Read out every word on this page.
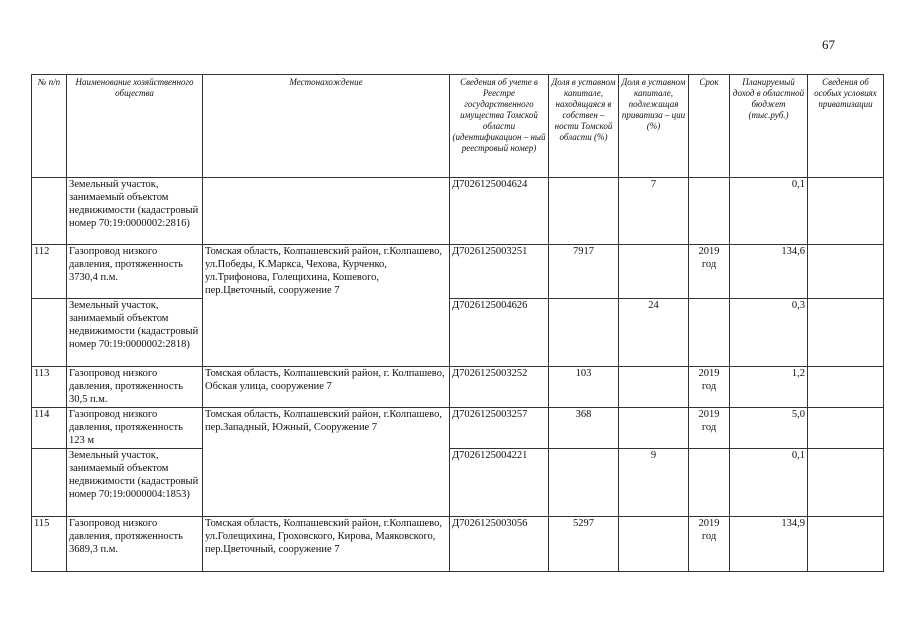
67
№ п/п	Наименование хозяйственного общества	Местонахождение	Сведения об учете в Реестре государственного имущества Томской области (идентификацион – ный реестровый номер)	Доля в уставном капитале, находящаяся в собствен – ности Томской области (%)	Доля в уставном капитале, подлежащая приватиза – ции (%)	Срок	Планируемый доход в областной бюджет (тыс.руб.)	Сведения об особых условиях приватизации
	Земельный участок, занимаемый объектом недвижимости (кадастровый номер 70:19:0000002:2816)		Д7026125004624		7		0,1	
112	Газопровод низкого давления, протяженность 3730,4 п.м.	Томская область, Колпашевский район, г.Колпашево, ул.Победы, К.Маркса, Чехова, Курченко, ул.Трифонова, Голещихина, Кошевого, пер.Цветочный, сооружение 7	Д7026125003251	7917		2019 год	134,6	
	Земельный участок, занимаемый объектом недвижимости (кадастровый номер 70:19:0000002:2818)		Д7026125004626		24		0,3	
113	Газопровод низкого давления, протяженность 30,5 п.м.	Томская область, Колпашевский район, г. Колпашево, Обская улица, сооружение 7	Д7026125003252	103		2019 год	1,2	
114	Газопровод низкого давления, протяженность 123 м	Томская область, Колпашевский район, г.Колпашево, пер.Западный, Южный, Сооружение 7	Д7026125003257	368		2019 год	5,0	
	Земельный участок, занимаемый объектом недвижимости (кадастровый номер 70:19:0000004:1853)		Д7026125004221		9		0,1	
115	Газопровод низкого давления, протяженность 3689,3 п.м.	Томская область, Колпашевский район, г.Колпашево, ул.Голещихина, Гроховского, Кирова, Маяковского, пер.Цветочный, сооружение 7	Д7026125003056	5297		2019 год	134,9	
